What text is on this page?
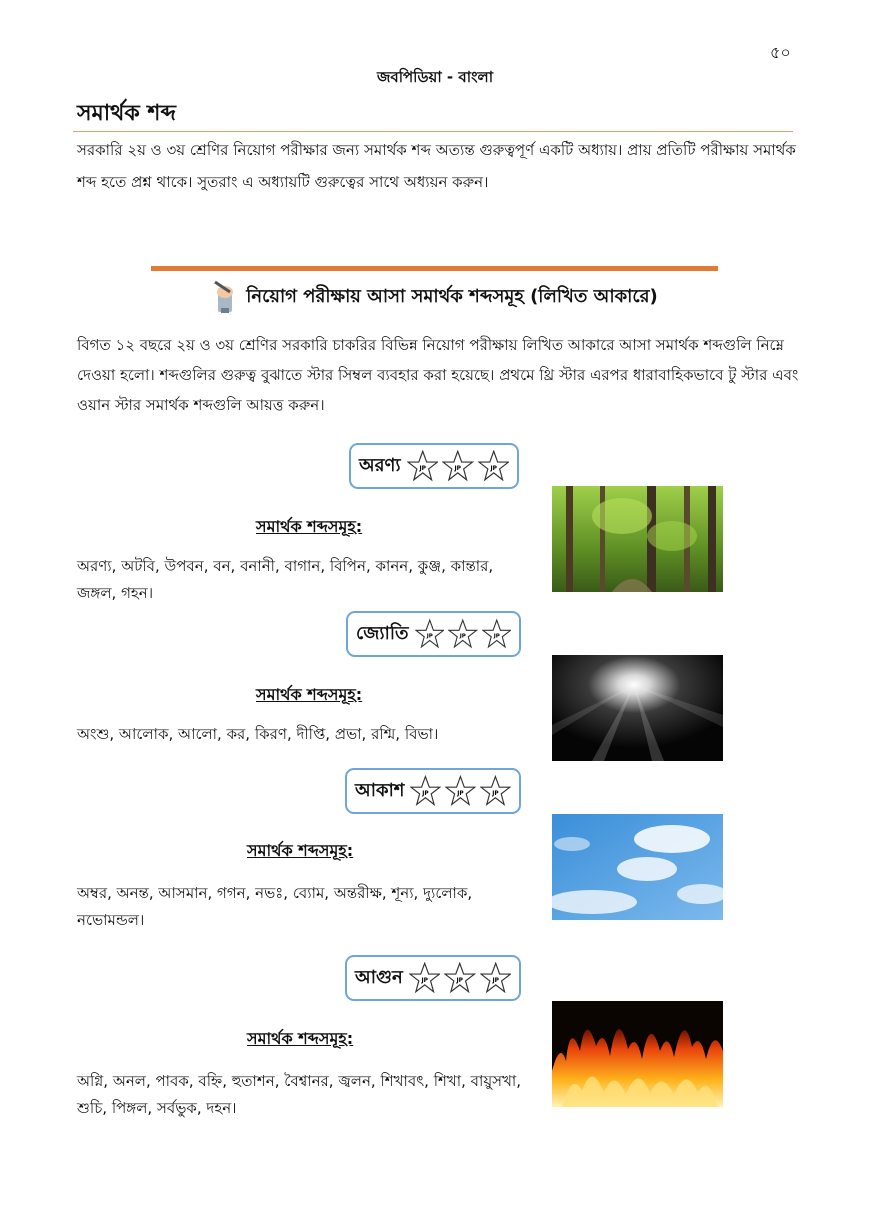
৫০
জবপিডিয়া - বাংলা
সমার্থক শব্দ
সরকারি ২য় ও ৩য় শ্রেণির নিয়োগ পরীক্ষার জন্য সমার্থক শব্দ অত্যন্ত গুরুত্বপূর্ণ একটি অধ্যায়। প্রায় প্রতিটি পরীক্ষায় সমার্থক শব্দ হতে প্রশ্ন থাকে। সুতরাং এ অধ্যায়টি গুরুত্বের সাথে অধ্যয়ন করুন।
নিয়োগ পরীক্ষায় আসা সমার্থক শব্দসমূহ (লিখিত আকারে)
বিগত ১২ বছরে ২য় ও ৩য় শ্রেণির সরকারি চাকরির বিভিন্ন নিয়োগ পরীক্ষায় লিখিত আকারে আসা সমার্থক শব্দগুলি নিম্নে দেওয়া হলো। শব্দগুলির গুরুত্ব বুঝাতে স্টার সিম্বল ব্যবহার করা হয়েছে। প্রথমে থ্রি স্টার এরপর ধারাবাহিকভাবে টু স্টার এবং ওয়ান স্টার সমার্থক শব্দগুলি আয়ত্ত করুন।
অরণ্য	JP	JP	JP
সমার্থক শব্দসমূহ:
অরণ্য, অটবি, উপবন, বন, বনানী, বাগান, বিপিন, কানন, কুঞ্জ, কান্তার, জঙ্গল, গহন।
জ্যোতি	JP	JP	JP
সমার্থক শব্দসমূহ:
অংশু, আলোক, আলো, কর, কিরণ, দীপ্তি, প্রভা, রশ্মি, বিভা।
আকাশ	JP	JP	JP
সমার্থক শব্দসমূহ:
অম্বর, অনন্ত, আসমান, গগন, নভঃ, ব্যোম, অন্তরীক্ষ, শূন্য, দ্যুলোক, নভোমন্ডল।
আগুন	JP	JP	JP
সমার্থক শব্দসমূহ:
অগ্নি, অনল, পাবক, বহ্নি, হুতাশন, বৈশ্বানর, জ্বলন, শিখাবৎ, শিখা, বায়ুসখা, শুচি, পিঙ্গল, সর্বভুক, দহন।
